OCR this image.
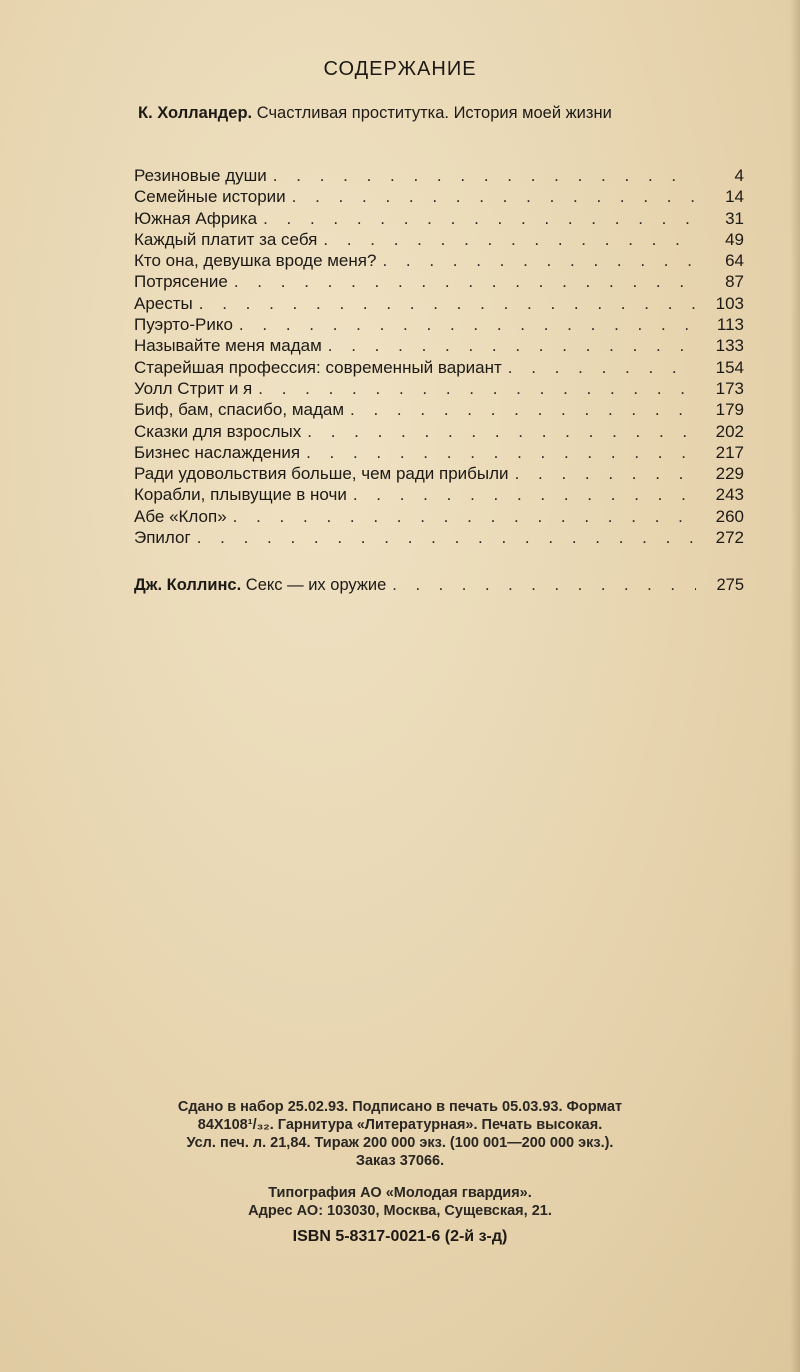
СОДЕРЖАНИЕ
К. Холландер. Счастливая проститутка. История моей жизни
Резиновые души . . .	4
Семейные истории . . .	14
Южная Африка . . .	31
Каждый платит за себя . . .	49
Кто она, девушка вроде меня? . . .	64
Потрясение . . .	87
Аресты . . .	103
Пуэрто-Рико . . .	113
Называйте меня мадам . . .	133
Старейшая профессия: современный вариант . . .	154
Уолл Стрит и я . . .	173
Биф, бам, спасибо, мадам . . .	179
Сказки для взрослых . . .	202
Бизнес наслаждения . . .	217
Ради удовольствия больше, чем ради прибыли . . .	229
Корабли, плывущие в ночи . . .	243
Абе «Клоп» . . .	260
Эпилог . . .	272
Дж. Коллинс. Секс — их оружие . . .	275
Сдано в набор 25.02.93. Подписано в печать 05.03.93. Формат
84X108¹/₃₂. Гарнитура «Литературная». Печать высокая.
Усл. печ. л. 21,84. Тираж 200 000 экз. (100 001—200 000 экз.).
Заказ 37066.
Типография АО «Молодая гвардия».
Адрес АО: 103030, Москва, Сущевская, 21.
ISBN 5-8317-0021-6 (2-й з-д)
